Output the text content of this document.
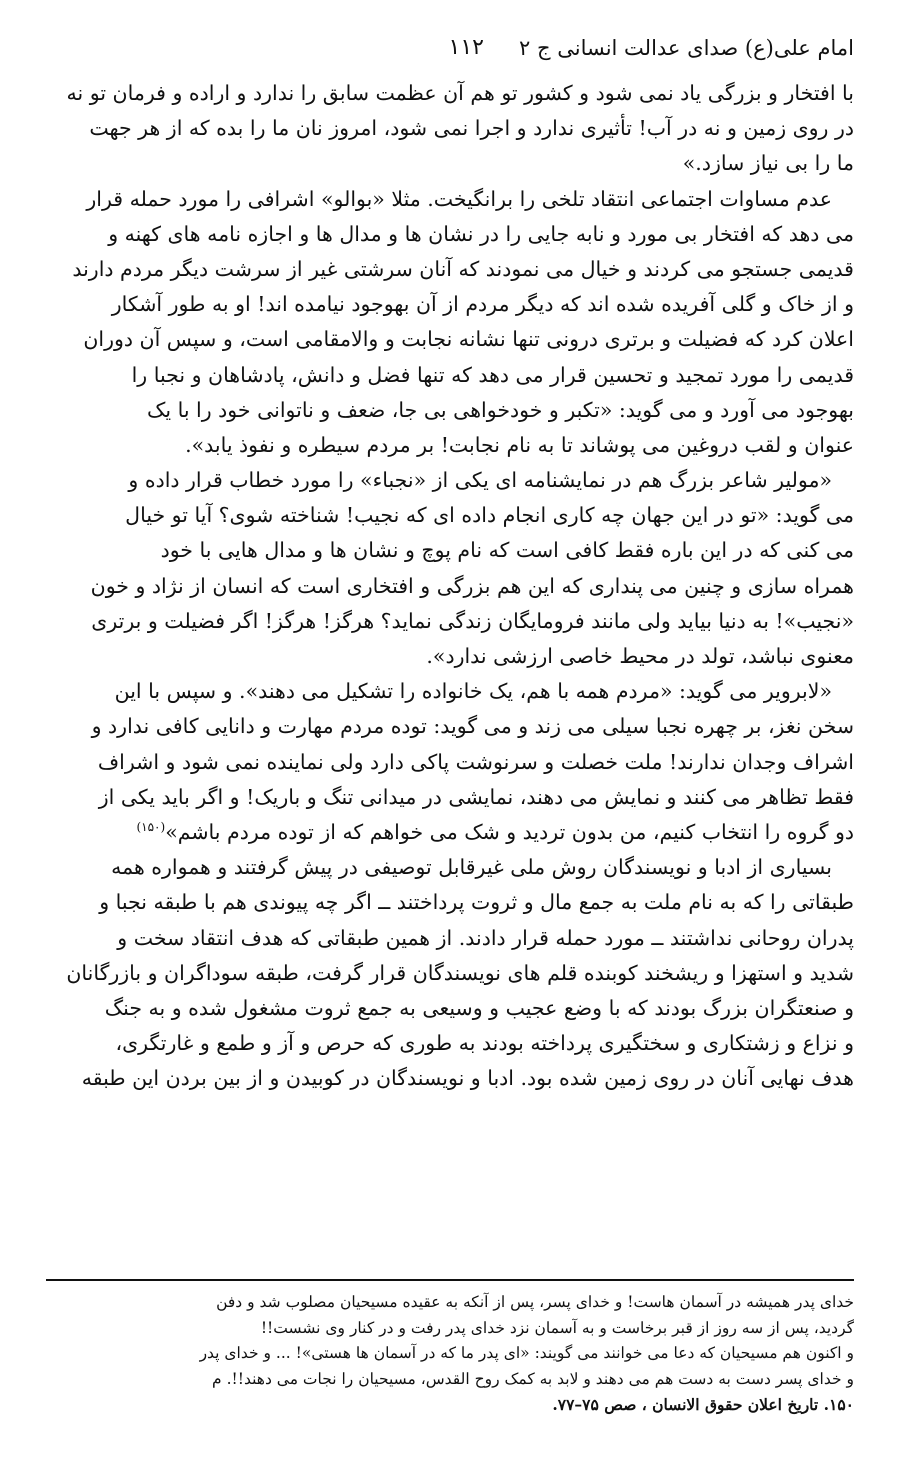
امام علی(ع) صدای عدالت انسانی ج ۲
۱۱۲
با افتخار و بزرگی یاد نمی شود و کشور تو هم آن عظمت سابق را ندارد و اراده و فرمان تو نه
در روی زمین و نه در آب! تأثیری ندارد و اجرا نمی شود، امروز نان ما را بده که از هر جهت
ما را بی نیاز سازد.»
عدم مساوات اجتماعی انتقاد تلخی را برانگیخت. مثلا «بوالو» اشرافی را مورد حمله قرار
می دهد که افتخار بی مورد و نابه جایی را در نشان ها و مدال ها و اجازه نامه های کهنه و
قدیمی جستجو می کردند و خیال می نمودند که آنان سرشتی غیر از سرشت دیگر مردم دارند
و از خاک و گلی آفریده شده اند که دیگر مردم از آن بهوجود نیامده اند! او به طور آشکار
اعلان کرد که فضیلت و برتری درونی تنها نشانه نجابت و والامقامی است، و سپس آن دوران
قدیمی را مورد تمجید و تحسین قرار می دهد که تنها فضل و دانش، پادشاهان و نجبا را
بهوجود می آورد و می گوید: «تکبر و خودخواهی بی جا، ضعف و ناتوانی خود را با یک
عنوان و لقب دروغین می پوشاند تا به نام نجابت! بر مردم سیطره و نفوذ یابد».
«مولیر شاعر بزرگ هم در نمایشنامه ای یکی از «نجباء» را مورد خطاب قرار داده و
می گوید: «تو در این جهان چه کاری انجام داده ای که نجیب! شناخته شوی؟ آیا تو خیال
می کنی که در این باره فقط کافی است که نام پوچ و نشان ها و مدال هایی با خود
همراه سازی و چنین می پنداری که این هم بزرگی و افتخاری است که انسان از نژاد و خون
«نجیب»! به دنیا بیاید ولی مانند فرومایگان زندگی نماید؟ هرگز! هرگز! اگر فضیلت و برتری
معنوی نباشد، تولد در محیط خاصی ارزشی ندارد».
«لابرویر می گوید: «مردم همه با هم، یک خانواده را تشکیل می دهند». و سپس با این
سخن نغز، بر چهره نجبا سیلی می زند و می گوید: توده مردم مهارت و دانایی کافی ندارد و
اشراف وجدان ندارند! ملت خصلت و سرنوشت پاکی دارد ولی نماینده نمی شود و اشراف
فقط تظاهر می کنند و نمایش می دهند، نمایشی در میدانی تنگ و باریک! و اگر باید یکی از
دو گروه را انتخاب کنیم، من بدون تردید و شک می خواهم که از توده مردم باشم»$^{(۱۵۰)}$
بسیاری از ادبا و نویسندگان روش ملی غیرقابل توصیفی در پیش گرفتند و همواره همه
طبقاتی را که به نام ملت به جمع مال و ثروت پرداختند ــ اگر چه پیوندی هم با طبقه نجبا و
پدران روحانی نداشتند ــ مورد حمله قرار دادند. از همین طبقاتی که هدف انتقاد سخت و
شدید و استهزا و ریشخند کوبنده قلم های نویسندگان قرار گرفت، طبقه سوداگران و بازرگانان
و صنعتگران بزرگ بودند که با وضع عجیب و وسیعی به جمع ثروت مشغول شده و به جنگ
و نزاع و زشتکاری و سختگیری پرداخته بودند به طوری که حرص و آز و طمع و غارتگری،
هدف نهایی آنان در روی زمین شده بود. ادبا و نویسندگان در کوبیدن و از بین بردن این طبقه
خدای پدر همیشه در آسمان هاست! و خدای پسر، پس از آنکه به عقیده مسیحیان مصلوب شد و دفن
گردید، پس از سه روز از قبر برخاست و به آسمان نزد خدای پدر رفت و در کنار وی نشست!!
و اکنون هم مسیحیان که دعا می خوانند می گویند: «ای پدر ما که در آسمان ها هستی»! ... و خدای پدر
و خدای پسر دست به دست هم می دهند و لابد به کمک روح القدس، مسیحیان را نجات می دهند!!. م
۱۵۰. تاریخ اعلان حقوق الانسان ، صص ۷۵–۷۷.
